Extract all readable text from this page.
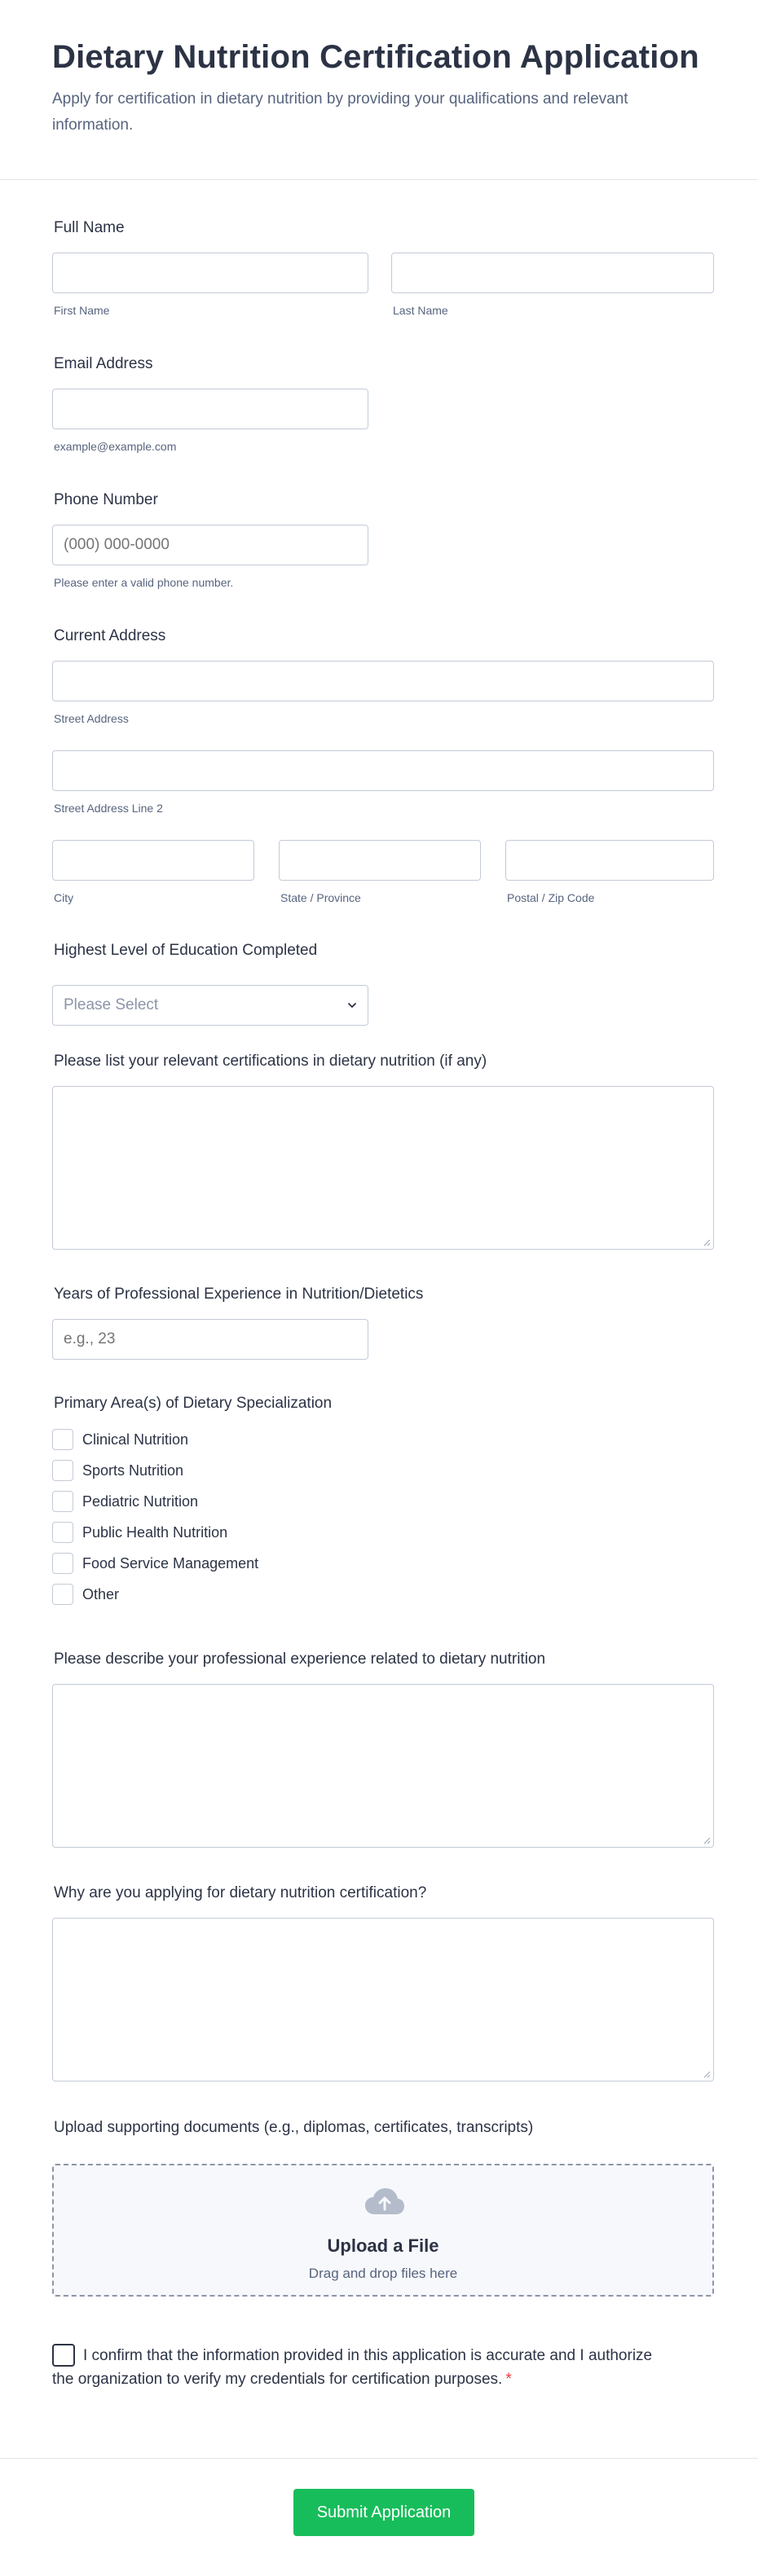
Dietary Nutrition Certification Application
Apply for certification in dietary nutrition by providing your qualifications and relevant information.
Full Name
First Name	Last Name
Email Address
example@example.com
Phone Number
(000) 000-0000
Please enter a valid phone number.
Current Address
Street Address
Street Address Line 2
City	State / Province	Postal / Zip Code
Highest Level of Education Completed
Please Select
Please list your relevant certifications in dietary nutrition (if any)
Years of Professional Experience in Nutrition/Dietetics
e.g., 23
Primary Area(s) of Dietary Specialization
Clinical Nutrition
Sports Nutrition
Pediatric Nutrition
Public Health Nutrition
Food Service Management
Other
Please describe your professional experience related to dietary nutrition
Why are you applying for dietary nutrition certification?
Upload supporting documents (e.g., diplomas, certificates, transcripts)
Upload a File
Drag and drop files here
I confirm that the information provided in this application is accurate and I authorize the organization to verify my credentials for certification purposes. *
Submit Application
